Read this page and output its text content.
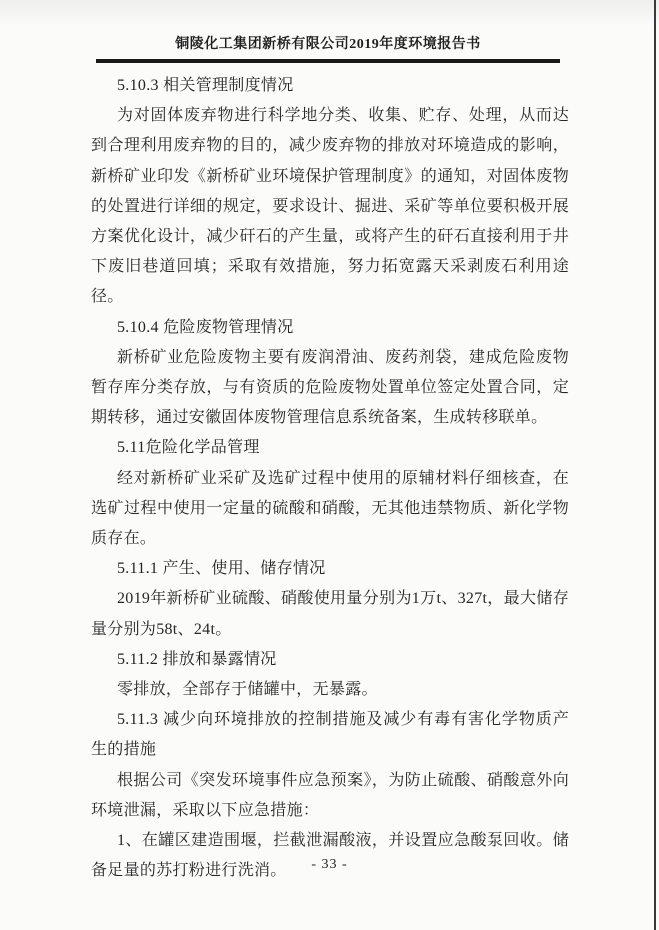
铜陵化工集团新桥有限公司2019年度环境报告书

5.10.3 相关管理制度情况

为对固体废弃物进行科学地分类、收集、贮存、处理，从而达到合理利用废弃物的目的，减少废弃物的排放对环境造成的影响，新桥矿业印发《新桥矿业环境保护管理制度》的通知，对固体废物的处置进行详细的规定，要求设计、掘进、采矿等单位要积极开展方案优化设计，减少矸石的产生量，或将产生的矸石直接利用于井下废旧巷道回填；采取有效措施，努力拓宽露天采剥废石利用途径。

5.10.4 危险废物管理情况

新桥矿业危险废物主要有废润滑油、废药剂袋，建成危险废物暂存库分类存放，与有资质的危险废物处置单位签定处置合同，定期转移，通过安徽固体废物管理信息系统备案，生成转移联单。

5.11危险化学品管理

经对新桥矿业采矿及选矿过程中使用的原辅材料仔细核查，在选矿过程中使用一定量的硫酸和硝酸，无其他违禁物质、新化学物质存在。

5.11.1 产生、使用、储存情况

2019年新桥矿业硫酸、硝酸使用量分别为1万t、327t，最大储存量分别为58t、24t。

5.11.2 排放和暴露情况

零排放，全部存于储罐中，无暴露。

5.11.3 减少向环境排放的控制措施及减少有毒有害化学物质产生的措施

根据公司《突发环境事件应急预案》，为防止硫酸、硝酸意外向环境泄漏，采取以下应急措施：

1、在罐区建造围堰，拦截泄漏酸液，并设置应急酸泵回收。储备足量的苏打粉进行洗消。	- 33 -
